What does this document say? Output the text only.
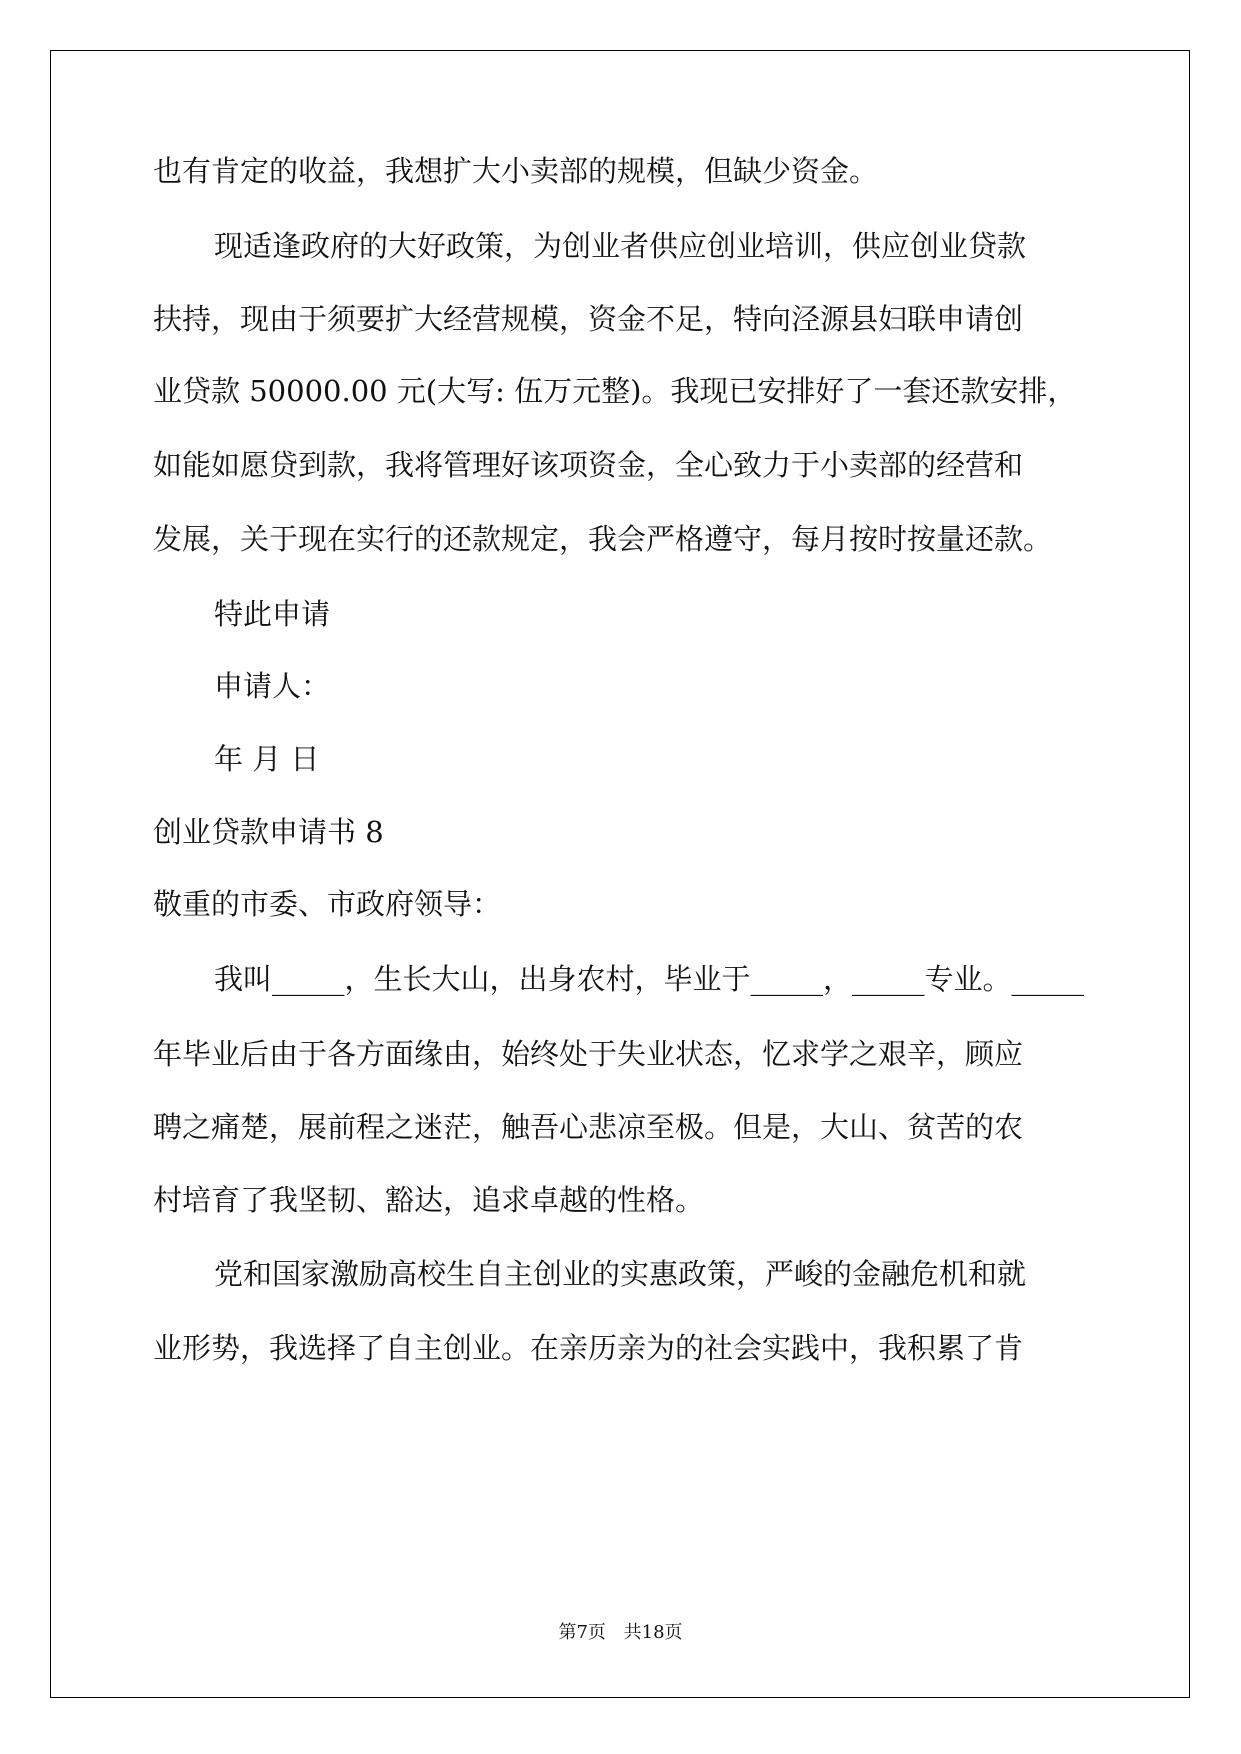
也有肯定的收益，我想扩大小卖部的规模，但缺少资金。
现适逢政府的大好政策，为创业者供应创业培训，供应创业贷款
扶持，现由于须要扩大经营规模，资金不足，特向泾源县妇联申请创
业贷款 50000.00 元(大写: 伍万元整)。我现已安排好了一套还款安排，
如能如愿贷到款，我将管理好该项资金，全心致力于小卖部的经营和
发展，关于现在实行的还款规定，我会严格遵守，每月按时按量还款。
特此申请
申请人：
年 月 日
创业贷款申请书 8
敬重的市委、市政府领导：
我叫_____，生长大山，出身农村，毕业于_____，_____专业。_____
年毕业后由于各方面缘由，始终处于失业状态，忆求学之艰辛，顾应
聘之痛楚，展前程之迷茫，触吾心悲凉至极。但是，大山、贫苦的农
村培育了我坚韧、豁达，追求卓越的性格。
党和国家激励高校生自主创业的实惠政策，严峻的金融危机和就
业形势，我选择了自主创业。在亲历亲为的社会实践中，我积累了肯
第7页 共18页
